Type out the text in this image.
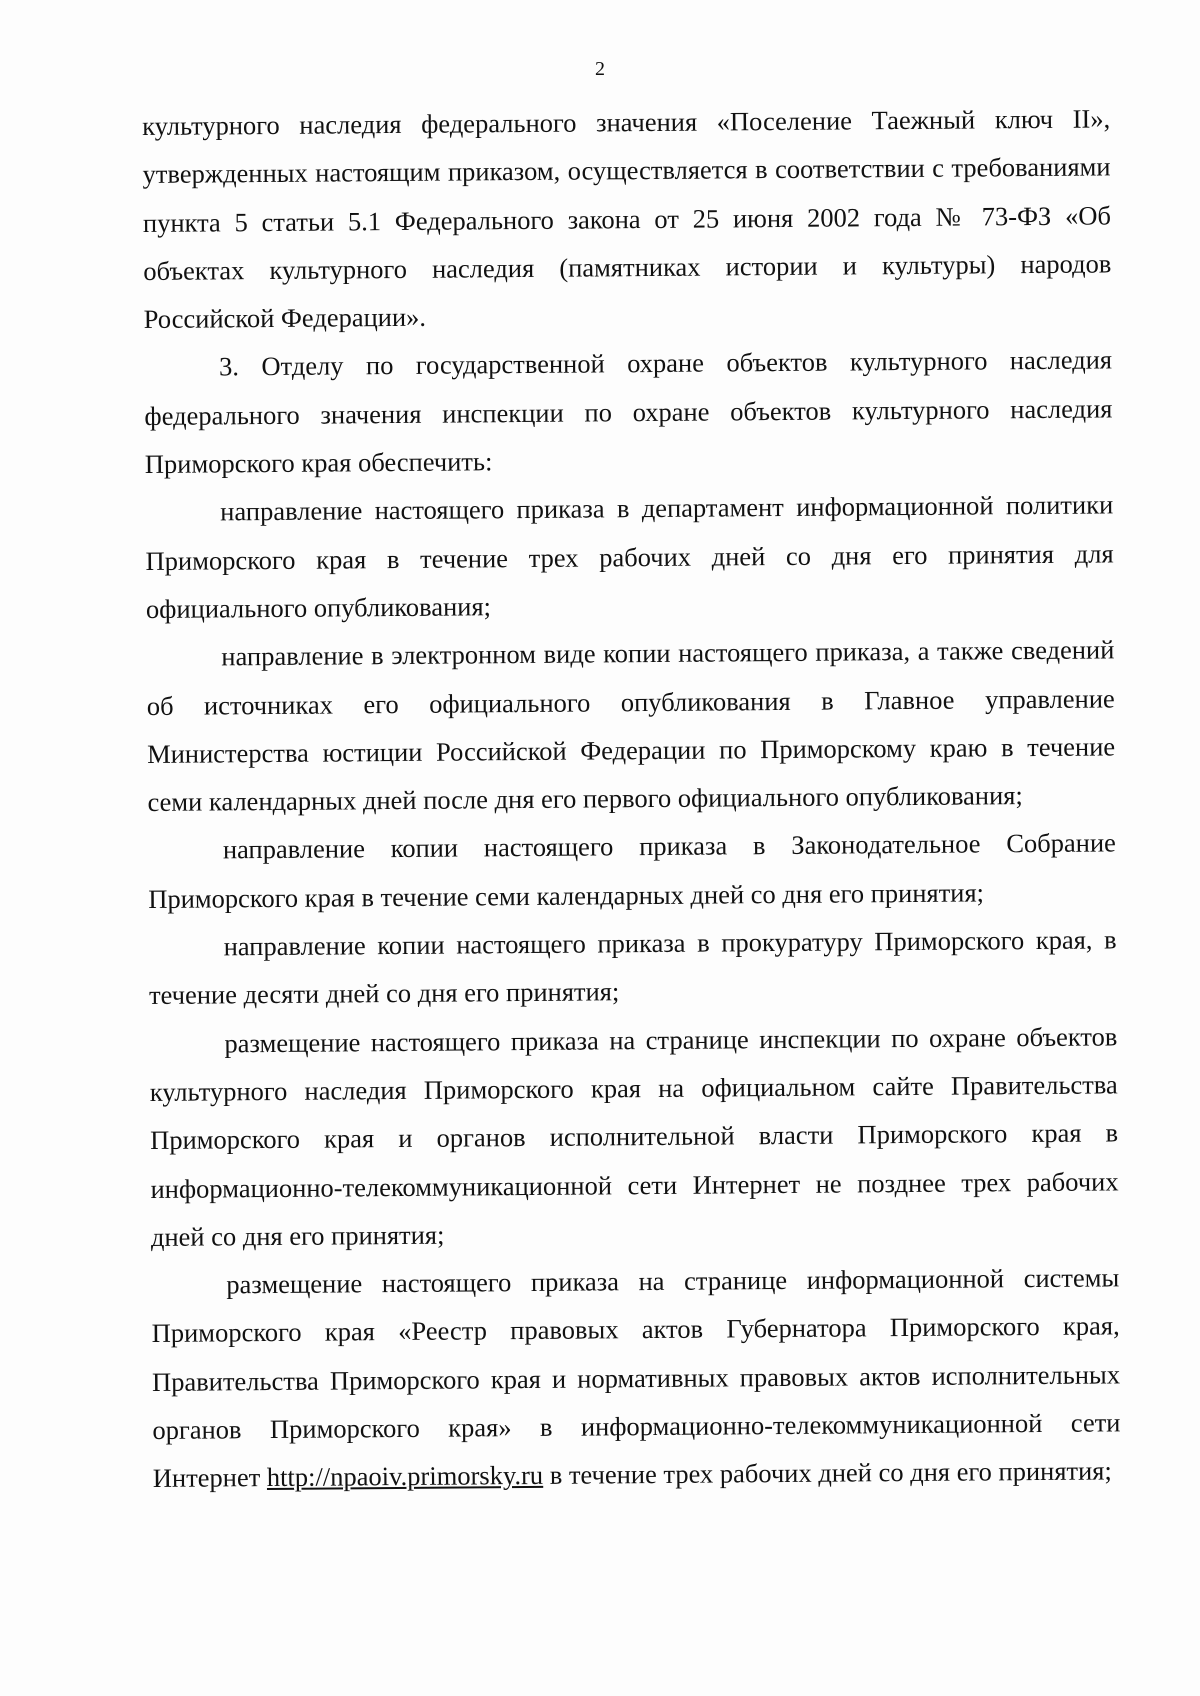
2

культурного наследия федерального значения «Поселение Таежный ключ II», утвержденных настоящим приказом, осуществляется в соответствии с требованиями пункта 5 статьи 5.1 Федерального закона от 25 июня 2002 года № 73-ФЗ «Об объектах культурного наследия (памятниках истории и культуры) народов Российской Федерации».

3. Отделу по государственной охране объектов культурного наследия федерального значения инспекции по охране объектов культурного наследия Приморского края обеспечить:

направление настоящего приказа в департамент информационной политики Приморского края в течение трех рабочих дней со дня его принятия для официального опубликования;

направление в электронном виде копии настоящего приказа, а также сведений об источниках его официального опубликования в Главное управление Министерства юстиции Российской Федерации по Приморскому краю в течение семи календарных дней после дня его первого официального опубликования;

направление копии настоящего приказа в Законодательное Собрание Приморского края в течение семи календарных дней со дня его принятия;

направление копии настоящего приказа в прокуратуру Приморского края, в течение десяти дней со дня его принятия;

размещение настоящего приказа на странице инспекции по охране объектов культурного наследия Приморского края на официальном сайте Правительства Приморского края и органов исполнительной власти Приморского края в информационно-телекоммуникационной сети Интернет не позднее трех рабочих дней со дня его принятия;

размещение настоящего приказа на странице информационной системы Приморского края «Реестр правовых актов Губернатора Приморского края, Правительства Приморского края и нормативных правовых актов исполнительных органов Приморского края» в информационно-телекоммуникационной сети Интернет http://npaoiv.primorsky.ru в течение трех рабочих дней со дня его принятия;
